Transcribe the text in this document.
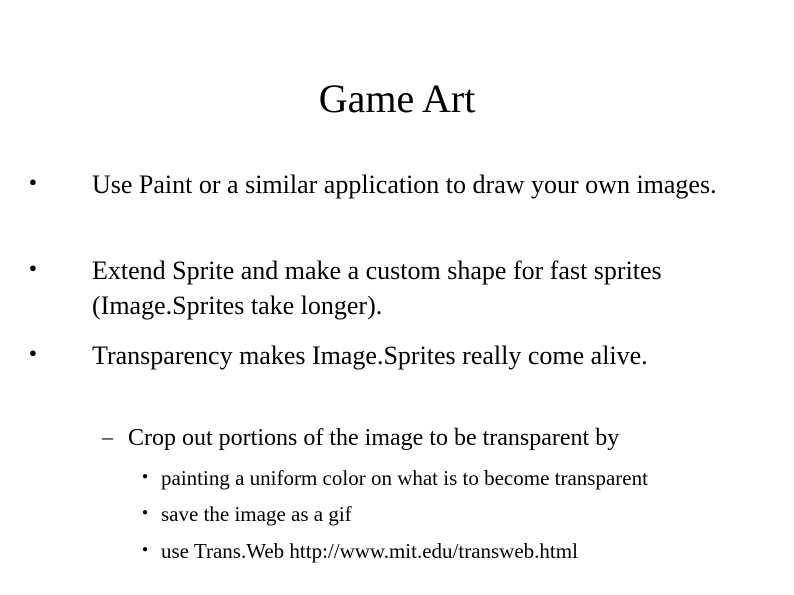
Game Art
● Use Paint or a similar application to draw your own images.
● Extend Sprite and make a custom shape for fast sprites (Image.Sprites take longer).
● Transparency makes Image.Sprites really come alive.
– Crop out portions of the image to be transparent by
● painting a uniform color on what is to become transparent
● save the image as a gif
● use Trans.Web http://www.mit.edu/transweb.html
